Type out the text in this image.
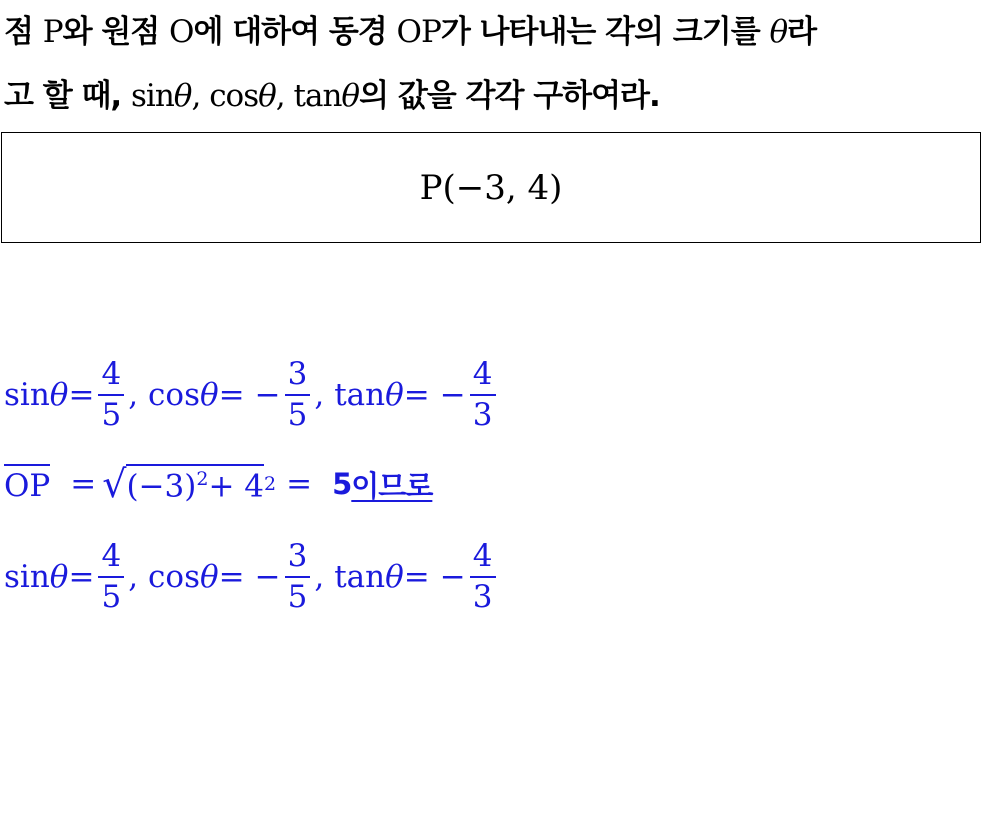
점 P와 원점 O에 대하여 동경 OP가 나타내는 각의 크기를 θ라
고 할 때, sinθ, cosθ, tanθ의 값을 각각 구하여라.
P(−3, 4)
$\sin \theta = \frac{4}{5}$ , cos θ = − $\frac{3}{5}$ , tan θ = − $\frac{4}{3}$
OP = √ $(-3)^2+ 4$ 2 = 5 이므로
$\sin \theta = \frac{4}{5}$ , cos θ = − $\frac{3}{5}$ , tan θ = − $\frac{4}{3}$
